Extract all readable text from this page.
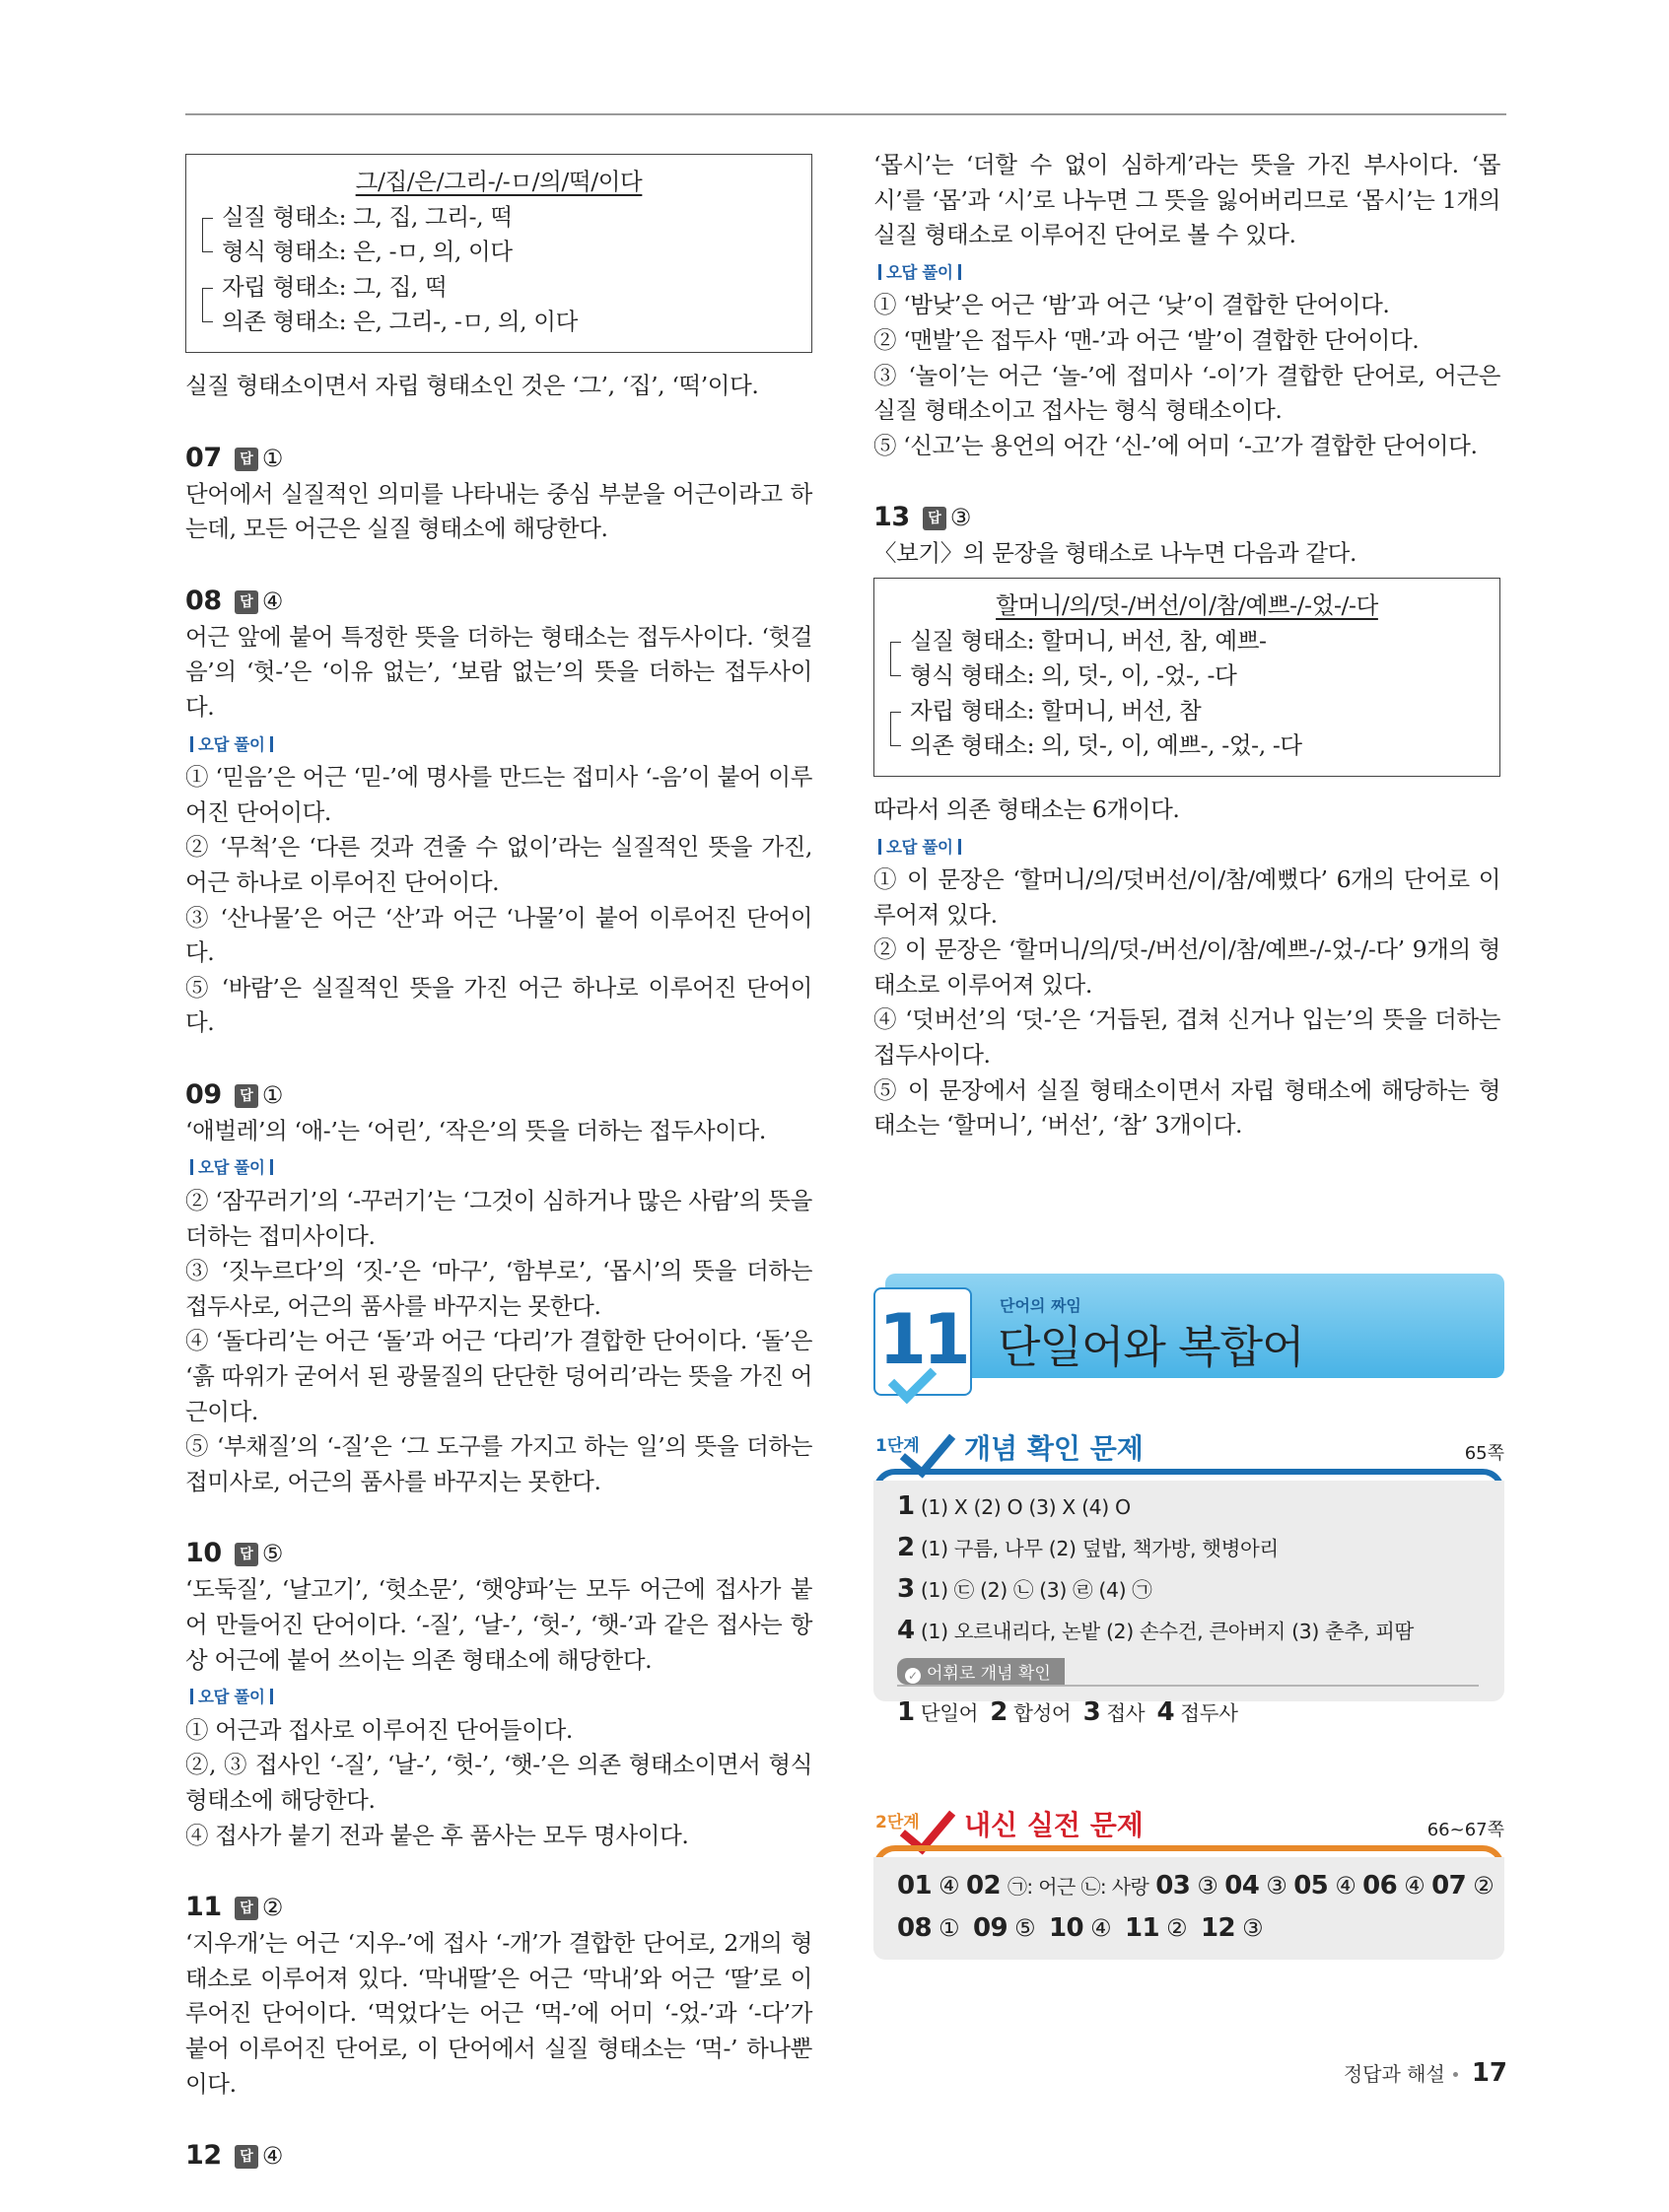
그/집/은/그리-/-ㅁ/의/떡/이다
실질 형태소: 그, 집, 그리-, 떡
형식 형태소: 은, -ㅁ, 의, 이다
자립 형태소: 그, 집, 떡
의존 형태소: 은, 그리-, -ㅁ, 의, 이다

실질 형태소이면서 자립 형태소인 것은 ‘그’, ‘집’, ‘떡’이다.

07 답 ①

단어에서 실질적인 의미를 나타내는 중심 부분을 어근이라고 하는데, 모든 어근은 실질 형태소에 해당한다.

08 답 ④

어근 앞에 붙어 특정한 뜻을 더하는 형태소는 접두사이다. ‘헛걸음’의 ‘헛-’은 ‘이유 없는’, ‘보람 없는’의 뜻을 더하는 접두사이다.

오답 풀이

① ‘믿음’은 어근 ‘믿-’에 명사를 만드는 접미사 ‘-음’이 붙어 이루어진 단어이다.

② ‘무척’은 ‘다른 것과 견줄 수 없이’라는 실질적인 뜻을 가진, 어근 하나로 이루어진 단어이다.

③ ‘산나물’은 어근 ‘산’과 어근 ‘나물’이 붙어 이루어진 단어이다.

⑤ ‘바람’은 실질적인 뜻을 가진 어근 하나로 이루어진 단어이다.

09 답 ①

‘애벌레’의 ‘애-’는 ‘어린’, ‘작은’의 뜻을 더하는 접두사이다.

오답 풀이

② ‘잠꾸러기’의 ‘-꾸러기’는 ‘그것이 심하거나 많은 사람’의 뜻을 더하는 접미사이다.

③ ‘짓누르다’의 ‘짓-’은 ‘마구’, ‘함부로’, ‘몹시’의 뜻을 더하는 접두사로, 어근의 품사를 바꾸지는 못한다.

④ ‘돌다리’는 어근 ‘돌’과 어근 ‘다리’가 결합한 단어이다. ‘돌’은 ‘흙 따위가 굳어서 된 광물질의 단단한 덩어리’라는 뜻을 가진 어근이다.

⑤ ‘부채질’의 ‘-질’은 ‘그 도구를 가지고 하는 일’의 뜻을 더하는 접미사로, 어근의 품사를 바꾸지는 못한다.

10 답 ⑤

‘도둑질’, ‘날고기’, ‘헛소문’, ‘햇양파’는 모두 어근에 접사가 붙어 만들어진 단어이다. ‘-질’, ‘날-’, ‘헛-’, ‘햇-’과 같은 접사는 항상 어근에 붙어 쓰이는 의존 형태소에 해당한다.

오답 풀이

① 어근과 접사로 이루어진 단어들이다.

②, ③ 접사인 ‘-질’, ‘날-’, ‘헛-’, ‘햇-’은 의존 형태소이면서 형식 형태소에 해당한다.

④ 접사가 붙기 전과 붙은 후 품사는 모두 명사이다.

11 답 ②

‘지우개’는 어근 ‘지우-’에 접사 ‘-개’가 결합한 단어로, 2개의 형태소로 이루어져 있다. ‘막내딸’은 어근 ‘막내’와 어근 ‘딸’로 이루어진 단어이다. ‘먹었다’는 어근 ‘먹-’에 어미 ‘-었-’과 ‘-다’가 붙어 이루어진 단어로, 이 단어에서 실질 형태소는 ‘먹-’ 하나뿐이다.

12 답 ④

‘몹시’는 ‘더할 수 없이 심하게’라는 뜻을 가진 부사이다. ‘몹시’를 ‘몹’과 ‘시’로 나누면 그 뜻을 잃어버리므로 ‘몹시’는 1개의 실질 형태소로 이루어진 단어로 볼 수 있다.

오답 풀이

① ‘밤낮’은 어근 ‘밤’과 어근 ‘낮’이 결합한 단어이다.

② ‘맨발’은 접두사 ‘맨-’과 어근 ‘발’이 결합한 단어이다.

③ ‘놀이’는 어근 ‘놀-’에 접미사 ‘-이’가 결합한 단어로, 어근은 실질 형태소이고 접사는 형식 형태소이다.

⑤ ‘신고’는 용언의 어간 ‘신-’에 어미 ‘-고’가 결합한 단어이다.

13 답 ③

〈보기〉의 문장을 형태소로 나누면 다음과 같다.

할머니/의/덧-/버선/이/참/예쁘-/-었-/-다
실질 형태소: 할머니, 버선, 참, 예쁘-
형식 형태소: 의, 덧-, 이, -었-, -다
자립 형태소: 할머니, 버선, 참
의존 형태소: 의, 덧-, 이, 예쁘-, -었-, -다

따라서 의존 형태소는 6개이다.

오답 풀이

① 이 문장은 ‘할머니/의/덧버선/이/참/예뻤다’ 6개의 단어로 이루어져 있다.

② 이 문장은 ‘할머니/의/덧-/버선/이/참/예쁘-/-었-/-다’ 9개의 형태소로 이루어져 있다.

④ ‘덧버선’의 ‘덧-’은 ‘거듭된, 겹쳐 신거나 입는’의 뜻을 더하는 접두사이다.

⑤ 이 문장에서 실질 형태소이면서 자립 형태소에 해당하는 형태소는 ‘할머니’, ‘버선’, ‘참’ 3개이다.

11 단어의 짜임
단일어와 복합어
1단계 개념 확인 문제	65쪽
1 (1) X (2) O (3) X (4) O
2 (1) 구름, 나무 (2) 덮밥, 책가방, 햇병아리
3 (1) ㉢ (2) ㉡ (3) ㉣ (4) ㉠
4 (1) 오르내리다, 논밭 (2) 손수건, 큰아버지 (3) 춘추, 피땀
✓ 어휘로 개념 확인
1 단일어 2 합성어 3 접사 4 접두사
2단계 내신 실전 문제	66~67쪽
01 ④ 02 ㉠: 어근 ㉡: 사랑 03 ③ 04 ③ 05 ④ 06 ④ 07 ②
08 ① 09 ⑤ 10 ④ 11 ② 12 ③
정답과 해설 17
